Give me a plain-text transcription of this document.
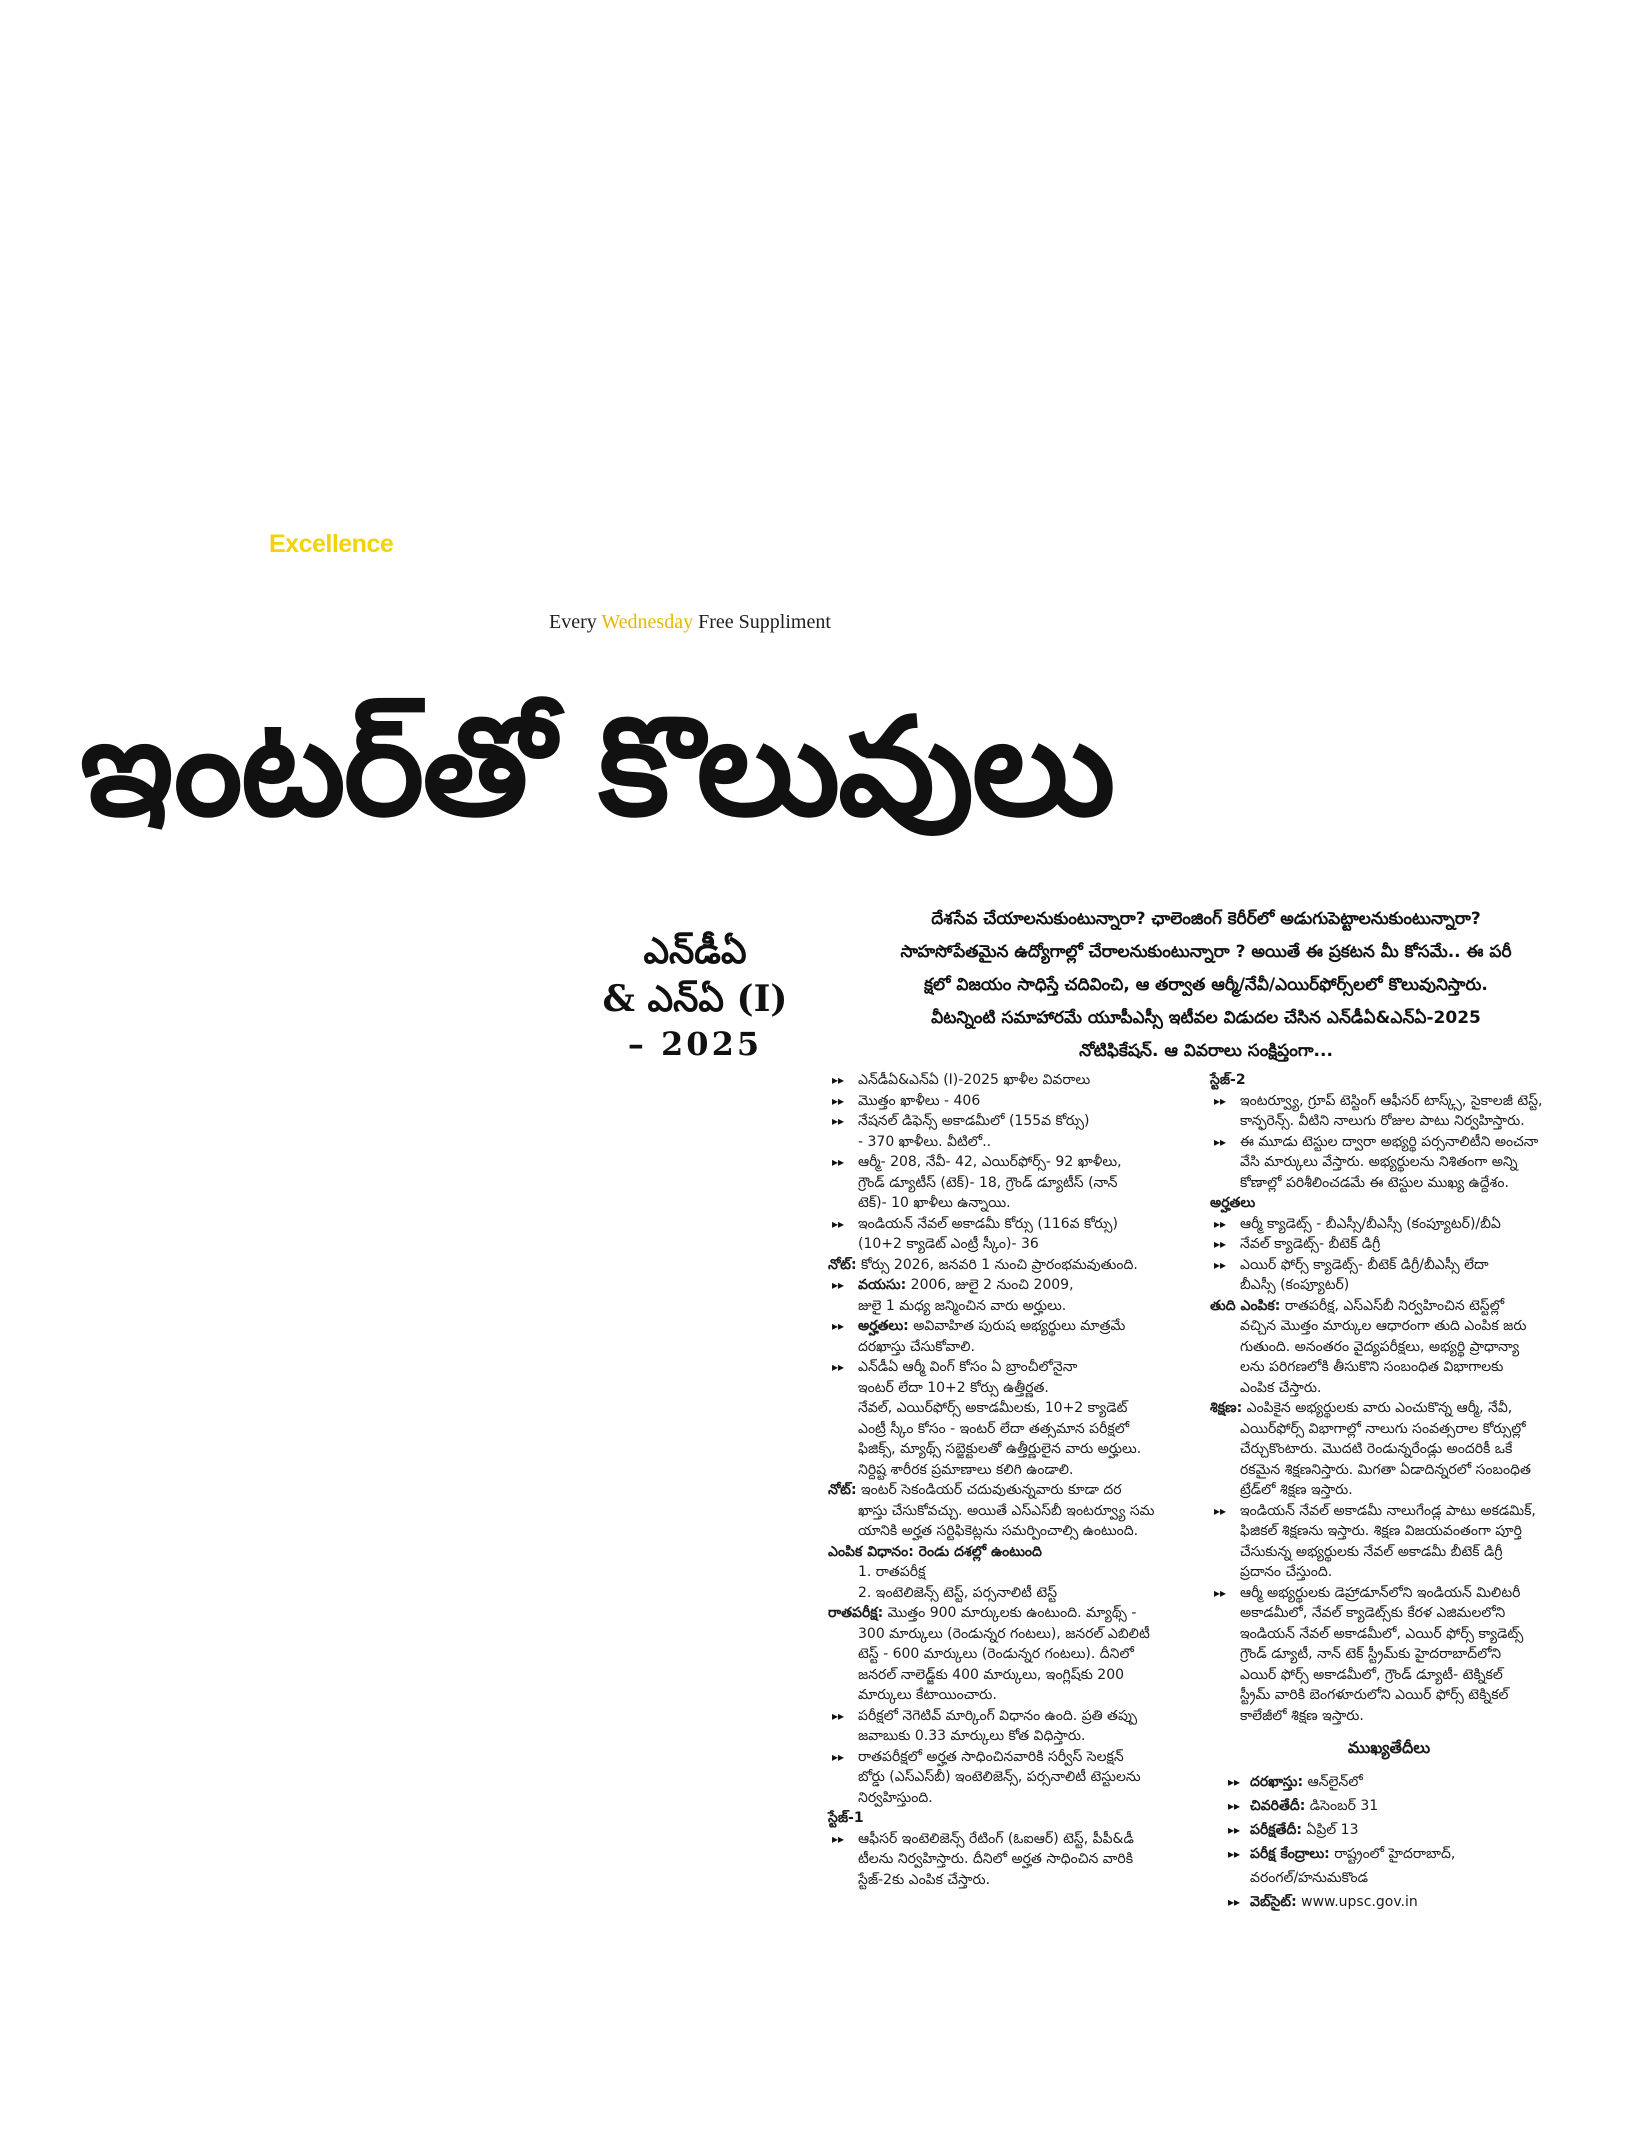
Excellence
Every Wednesday Free Suppliment
ఇంటర్‌తో కొలువులు
ఎన్‌డీఏ
& ఎన్‌ఏ (I)
– 2025
దేశసేవ చేయాలనుకుంటున్నారా? ఛాలెంజింగ్ కెరీర్‌లో అడుగుపెట్టాలనుకుంటున్నారా?
సాహసోపేతమైన ఉద్యోగాల్లో చేరాలనుకుంటున్నారా ? అయితే ఈ ప్రకటన మీ కోసమే.. ఈ పరీ
క్షలో విజయం సాధిస్తే చదివించి, ఆ తర్వాత ఆర్మీ/నేవీ/ఎయిర్‌ఫోర్స్‌లలో కొలువునిస్తారు.
వీటన్నింటి సమాహారమే యూపీఎస్సీ ఇటీవల విడుదల చేసిన ఎన్‌డీఏ&ఎన్‌ఏ-2025
నోటిఫికేషన్. ఆ వివరాలు సంక్షిప్తంగా...
▸▸ ఎన్‌డీఏ&ఎన్‌ఏ (I)-2025 ఖాళీల వివరాలు
▸▸ మొత్తం ఖాళీలు - 406
▸▸ నేషనల్ డిఫెన్స్ అకాడమీలో (155వ కోర్సు)
- 370 ఖాళీలు. వీటిలో..
▸▸ ఆర్మీ- 208, నేవీ- 42, ఎయిర్‌ఫోర్స్- 92 ఖాళీలు,
గ్రౌండ్ డ్యూటీస్ (టెక్)- 18, గ్రౌండ్ డ్యూటీస్ (నాన్
టెక్)- 10 ఖాళీలు ఉన్నాయి.
▸▸ ఇండియన్ నేవల్ అకాడమీ కోర్సు (116వ కోర్సు)
(10+2 క్యాడెట్ ఎంట్రీ స్కీం)- 36
నోట్: కోర్సు 2026, జనవరి 1 నుంచి ప్రారంభమవుతుంది.
▸▸ వయసు: 2006, జులై 2 నుంచి 2009,
జులై 1 మధ్య జన్మించిన వారు అర్హులు.
▸▸ అర్హతలు: అవివాహిత పురుష అభ్యర్థులు మాత్రమే
దరఖాస్తు చేసుకోవాలి.
▸▸ ఎన్‌డీఏ ఆర్మీ వింగ్ కోసం ఏ బ్రాంచీలోనైనా
ఇంటర్ లేదా 10+2 కోర్సు ఉత్తీర్ణత.
నేవల్, ఎయిర్‌ఫోర్స్ అకాడమీలకు, 10+2 క్యాడెట్
ఎంట్రీ స్కీం కోసం - ఇంటర్ లేదా తత్సమాన పరీక్షలో
ఫిజిక్స్, మ్యాథ్స్ సబ్జెక్టులతో ఉత్తీర్ణులైన వారు అర్హులు.
నిర్దిష్ట శారీరక ప్రమాణాలు కలిగి ఉండాలి.
నోట్: ఇంటర్ సెకండియర్ చదువుతున్నవారు కూడా దర
ఖాస్తు చేసుకోవచ్చు. అయితే ఎస్ఎస్‌బీ ఇంటర్వ్యూ సమ
యానికి అర్హత సర్టిఫికెట్లను సమర్పించాల్సి ఉంటుంది.
ఎంపిక విధానం: రెండు దశల్లో ఉంటుంది
1. రాతపరీక్ష
2. ఇంటెలిజెన్స్ టెస్ట్, పర్సనాలిటీ టెస్ట్
రాతపరీక్ష: మొత్తం 900 మార్కులకు ఉంటుంది. మ్యాథ్స్ -
300 మార్కులు (రెండున్నర గంటలు), జనరల్ ఎబిలిటీ
టెస్ట్ - 600 మార్కులు (రెండున్నర గంటలు). దీనిలో
జనరల్ నాలెడ్జ్‌కు 400 మార్కులు, ఇంగ్లిష్‌కు 200
మార్కులు కేటాయించారు.
▸▸ పరీక్షలో నెగెటివ్ మార్కింగ్ విధానం ఉంది. ప్రతి తప్పు
జవాబుకు 0.33 మార్కులు కోత విధిస్తారు.
▸▸ రాతపరీక్షలో అర్హత సాధించినవారికి సర్వీస్ సెలక్షన్
బోర్డు (ఎస్ఎస్‌బీ) ఇంటెలిజెన్స్, పర్సనాలిటీ టెస్టులను
నిర్వహిస్తుంది.
స్టేజ్-1
▸▸ ఆఫీసర్ ఇంటెలిజెన్స్ రేటింగ్ (ఓఐఆర్) టెస్ట్, పీపీ&డీ
టీలను నిర్వహిస్తారు. దీనిలో అర్హత సాధించిన వారికి
స్టేజ్-2కు ఎంపిక చేస్తారు.
స్టేజ్-2
▸▸ ఇంటర్వ్యూ, గ్రూప్ టెస్టింగ్ ఆఫీసర్ టాస్క్స్, సైకాలజీ టెస్ట్,
కాన్ఫరెన్స్. వీటిని నాలుగు రోజుల పాటు నిర్వహిస్తారు.
▸▸ ఈ మూడు టెస్టుల ద్వారా అభ్యర్థి పర్సనాలిటీని అంచనా
వేసి మార్కులు వేస్తారు. అభ్యర్థులను నిశితంగా అన్ని
కోణాల్లో పరిశీలించడమే ఈ టెస్టుల ముఖ్య ఉద్దేశం.
అర్హతలు
▸▸ ఆర్మీ క్యాడెట్స్ - బీఎస్సీ/బీఎస్సీ (కంప్యూటర్)/బీఏ
▸▸ నేవల్ క్యాడెట్స్- బీటెక్ డిగ్రీ
▸▸ ఎయిర్ ఫోర్స్ క్యాడెట్స్- బీటెక్ డిగ్రీ/బీఎస్సీ లేదా
బీఎస్సీ (కంప్యూటర్)
తుది ఎంపిక: రాతపరీక్ష, ఎస్ఎస్‌బీ నిర్వహించిన టెస్ట్‌ల్లో
వచ్చిన మొత్తం మార్కుల ఆధారంగా తుది ఎంపిక జరు
గుతుంది. అనంతరం వైద్యపరీక్షలు, అభ్యర్థి ప్రాధాన్యా
లను పరిగణలోకి తీసుకొని సంబంధిత విభాగాలకు
ఎంపిక చేస్తారు.
శిక్షణ: ఎంపికైన అభ్యర్థులకు వారు ఎంచుకొన్న ఆర్మీ, నేవీ,
ఎయిర్‌ఫోర్స్ విభాగాల్లో నాలుగు సంవత్సరాల కోర్సుల్లో
చేర్చుకొంటారు. మొదటి రెండున్నరేండ్లు అందరికీ ఒకే
రకమైన శిక్షణనిస్తారు. మిగతా ఏడాదిన్నరలో సంబంధిత
ట్రేడ్‌లో శిక్షణ ఇస్తారు.
▸▸ ఇండియన్ నేవల్ అకాడమీ నాలుగేండ్ల పాటు అకడమిక్,
ఫిజికల్ శిక్షణను ఇస్తారు. శిక్షణ విజయవంతంగా పూర్తి
చేసుకున్న అభ్యర్థులకు నేవల్ అకాడమీ బీటెక్ డిగ్రీ
ప్రదానం చేస్తుంది.
▸▸ ఆర్మీ అభ్యర్థులకు డెహ్రాడూన్‌లోని ఇండియన్ మిలిటరీ
అకాడమీలో, నేవల్ క్యాడెట్స్‌కు కేరళ ఎజిమలలోని
ఇండియన్ నేవల్ అకాడమీలో, ఎయిర్ ఫోర్స్ క్యాడెట్స్
గ్రౌండ్ డ్యూటీ, నాన్ టెక్ స్ట్రీమ్‌కు హైదరాబాద్‌లోని
ఎయిర్ ఫోర్స్ అకాడమీలో, గ్రౌండ్ డ్యూటీ- టెక్నికల్
స్ట్రీమ్ వారికి బెంగళూరులోని ఎయిర్ ఫోర్స్ టెక్నికల్
కాలేజీలో శిక్షణ ఇస్తారు.
ముఖ్యతేదీలు
▸▸ దరఖాస్తు: ఆన్‌లైన్‌లో
▸▸ చివరితేదీ: డిసెంబర్ 31
▸▸ పరీక్షతేదీ: ఏప్రిల్ 13
▸▸ పరీక్ష కేంద్రాలు: రాష్ట్రంలో హైదరాబాద్,
వరంగల్/హనుమకొండ
▸▸ వెబ్‌సైట్: www.upsc.gov.in
